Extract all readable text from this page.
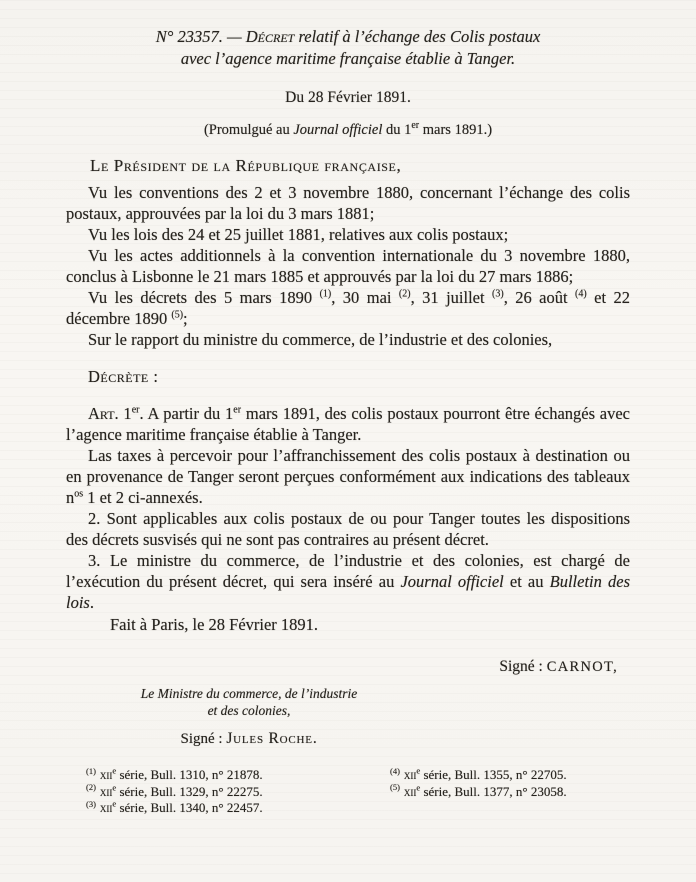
N° 23357. — Décret relatif à l’échange des Colis postaux
avec l’agence maritime française établie à Tanger.

Du 28 Février 1891.
(Promulgué au Journal officiel du 1er mars 1891.)
Le Président de la République française,

Vu les conventions des 2 et 3 novembre 1880, concernant l’échange des colis postaux, approuvées par la loi du 3 mars 1881;

Vu les lois des 24 et 25 juillet 1881, relatives aux colis postaux;

Vu les actes additionnels à la convention internationale du 3 novembre 1880, conclus à Lisbonne le 21 mars 1885 et approuvés par la loi du 27 mars 1886;

Vu les décrets des 5 mars 1890 $^{(1)}$, 30 mai $^{(2)}$, 31 juillet $^{(3)}$, 26 août $^{(4)}$ et 22 décembre 1890 $^{(5)}$;

Sur le rapport du ministre du commerce, de l’industrie et des colonies,

Décrète :

Art. 1er. A partir du 1er mars 1891, des colis postaux pourront être échangés avec l’agence maritime française établie à Tanger.

Las taxes à percevoir pour l’affranchissement des colis postaux à destination ou en provenance de Tanger seront perçues conformément aux indications des tableaux $n^{os}$ 1 et 2 ci-annexés.

2. Sont applicables aux colis postaux de ou pour Tanger toutes les dispositions des décrets susvisés qui ne sont pas contraires au présent décret.

3. Le ministre du commerce, de l’industrie et des colonies, est chargé de l’exécution du présent décret, qui sera inséré au Journal officiel et au Bulletin des lois.

Fait à Paris, le 28 Février 1891.

Signé : CARNOT,

Le Ministre du commerce, de l’industrie
et des colonies,

Signé : Jules Roche.
$^{(1)}$ xii$^e$ série, Bull. 1310, n° 21878.
$^{(2)}$ xii$^e$ série, Bull. 1329, n° 22275.
$^{(3)}$ xii$^e$ série, Bull. 1340, n° 22457.
$^{(4)}$ xii$^e$ série, Bull. 1355, n° 22705.
$^{(5)}$ xii$^e$ série, Bull. 1377, n° 23058.
